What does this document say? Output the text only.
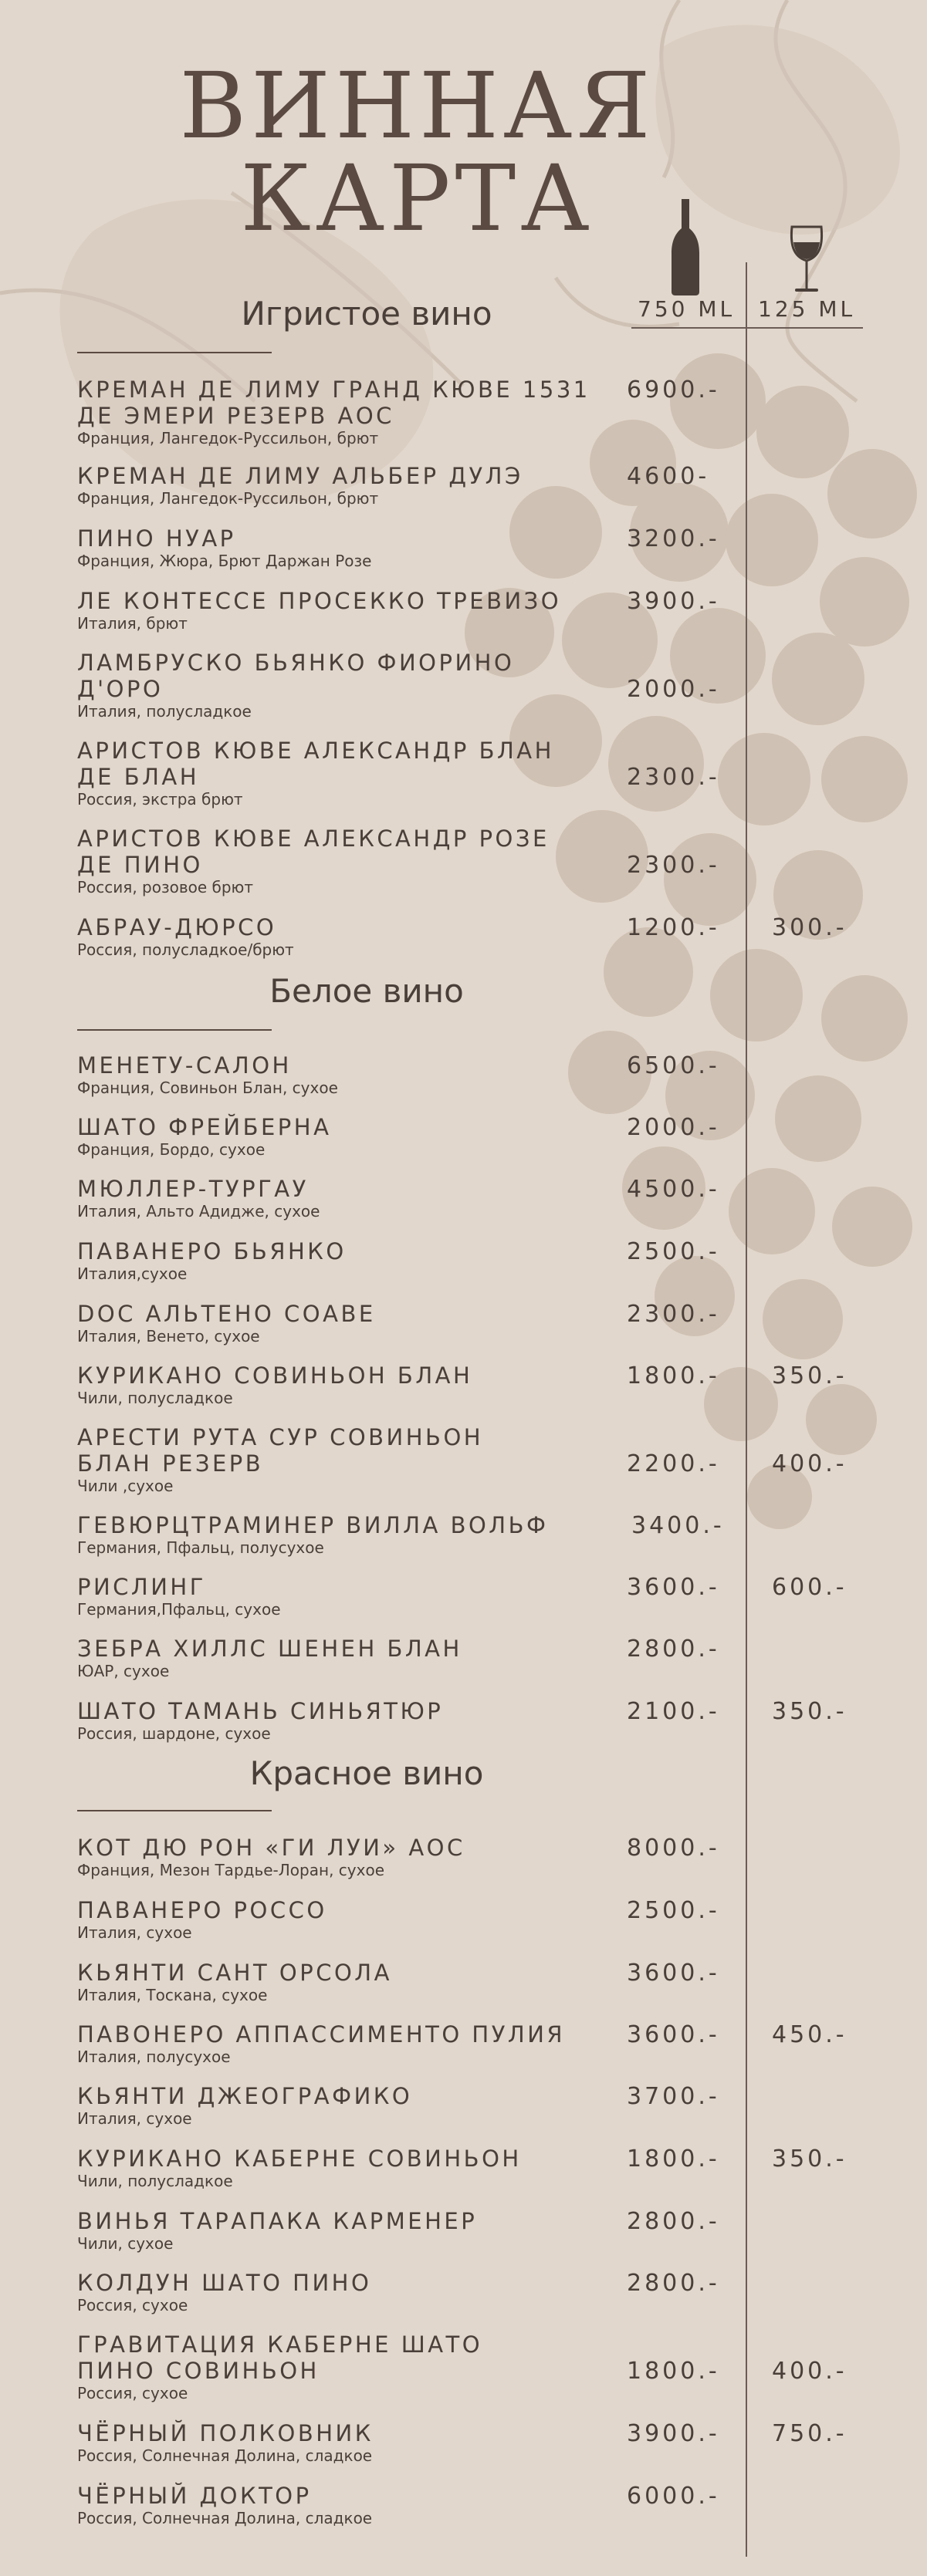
ВИННАЯ
КАРТА
750 ML 125 ML
Игристое вино
Белое вино
Красное вино
КРЕМАН ДЕ ЛИМУ ГРАНД КЮВЕ 1531
ДЕ ЭМЕРИ РЕЗЕРВ АОС
Франция, Лангедок-Руссильон, брют
6900.-
КРЕМАН ДЕ ЛИМУ АЛЬБЕР ДУЛЭ
Франция, Лангедок-Руссильон, брют
4600-
ПИНО НУАР
Франция, Жюра, Брют Даржан Розе
3200.-
ЛЕ КОНТЕССЕ ПРОСЕККО ТРЕВИЗО
Италия, брют
3900.-
ЛАМБРУСКО БЬЯНКО ФИОРИНО
Д'ОРО
Италия, полусладкое
2000.-
АРИСТОВ КЮВЕ АЛЕКСАНДР БЛАН
ДЕ БЛАН
Россия, экстра брют
2300.-
АРИСТОВ КЮВЕ АЛЕКСАНДР РОЗЕ
ДЕ ПИНО
Россия, розовое брют
2300.-
АБРАУ-ДЮРСО
Россия, полусладкое/брют
1200.- 300.-
МЕНЕТУ-САЛОН
Франция, Совиньон Блан, сухое
6500.-
ШАТО ФРЕЙБЕРНА
Франция, Бордо, сухое
2000.-
МЮЛЛЕР-ТУРГАУ
Италия, Альто Адидже, сухое
4500.-
ПАВАНЕРО БЬЯНКО
Италия,сухое
2500.-
DOC АЛЬТЕНО СОАВЕ
Италия, Венето, сухое
2300.-
КУРИКАНО СОВИНЬОН БЛАН
Чили, полусладкое
1800.- 350.-
АРЕСТИ РУТА СУР СОВИНЬОН
БЛАН РЕЗЕРВ
Чили ,сухое
2200.- 400.-
ГЕВЮРЦТРАМИНЕР ВИЛЛА ВОЛЬФ
Германия, Пфальц, полусухое
3400.-
РИСЛИНГ
Германия,Пфальц, сухое
3600.- 600.-
ЗЕБРА ХИЛЛС ШЕНЕН БЛАН
ЮАР, сухое
2800.-
ШАТО ТАМАНЬ СИНЬЯТЮР
Россия, шардоне, сухое
2100.- 350.-
КОТ ДЮ РОН «ГИ ЛУИ» АОС
Франция, Мезон Тардье-Лоран, сухое
8000.-
ПАВАНЕРО РОССО
Италия, сухое
2500.-
КЬЯНТИ САНТ ОРСОЛА
Италия, Тоскана, сухое
3600.-
ПАВОНЕРО АППАССИМЕНТО ПУЛИЯ
Италия, полусухое
3600.- 450.-
КЬЯНТИ ДЖЕОГРАФИКО
Италия, сухое
3700.-
КУРИКАНО КАБЕРНЕ СОВИНЬОН
Чили, полусладкое
1800.- 350.-
ВИНЬЯ ТАРАПАКА КАРМЕНЕР
Чили, сухое
2800.-
КОЛДУН ШАТО ПИНО
Россия, сухое
2800.-
ГРАВИТАЦИЯ КАБЕРНЕ ШАТО
ПИНО СОВИНЬОН
Россия, сухое
1800.- 400.-
ЧЁРНЫЙ ПОЛКОВНИК
Россия, Солнечная Долина, сладкое
3900.- 750.-
ЧЁРНЫЙ ДОКТОР
Россия, Солнечная Долина, сладкое
6000.-
